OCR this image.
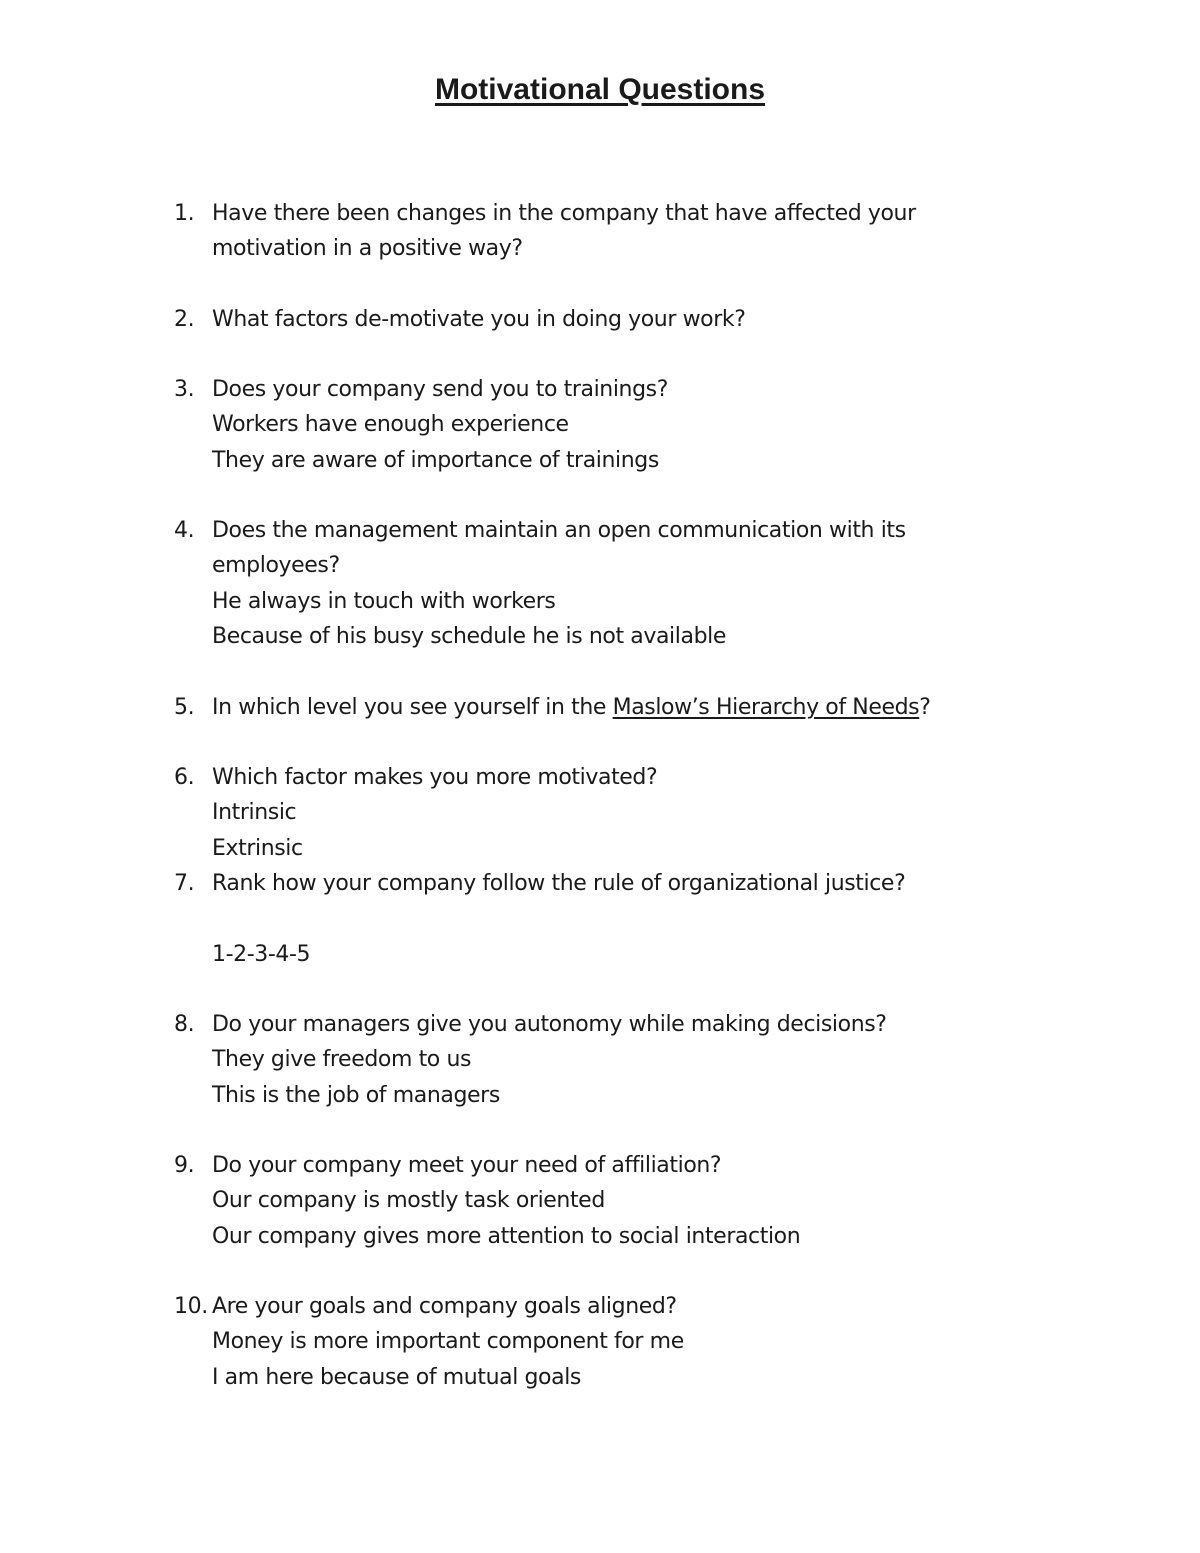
Motivational Questions
1. Have there been changes in the company that have affected your
motivation in a positive way?
2. What factors de-motivate you in doing your work?
3. Does your company send you to trainings?
Workers have enough experience
They are aware of importance of trainings
4. Does the management maintain an open communication with its
employees?
He always in touch with workers
Because of his busy schedule he is not available
5. In which level you see yourself in the Maslow’s Hierarchy of Needs?
6. Which factor makes you more motivated?
Intrinsic
Extrinsic
7. Rank how your company follow the rule of organizational justice?
1-2-3-4-5
8. Do your managers give you autonomy while making decisions?
They give freedom to us
This is the job of managers
9. Do your company meet your need of affiliation?
Our company is mostly task oriented
Our company gives more attention to social interaction
10. Are your goals and company goals aligned?
Money is more important component for me
I am here because of mutual goals
